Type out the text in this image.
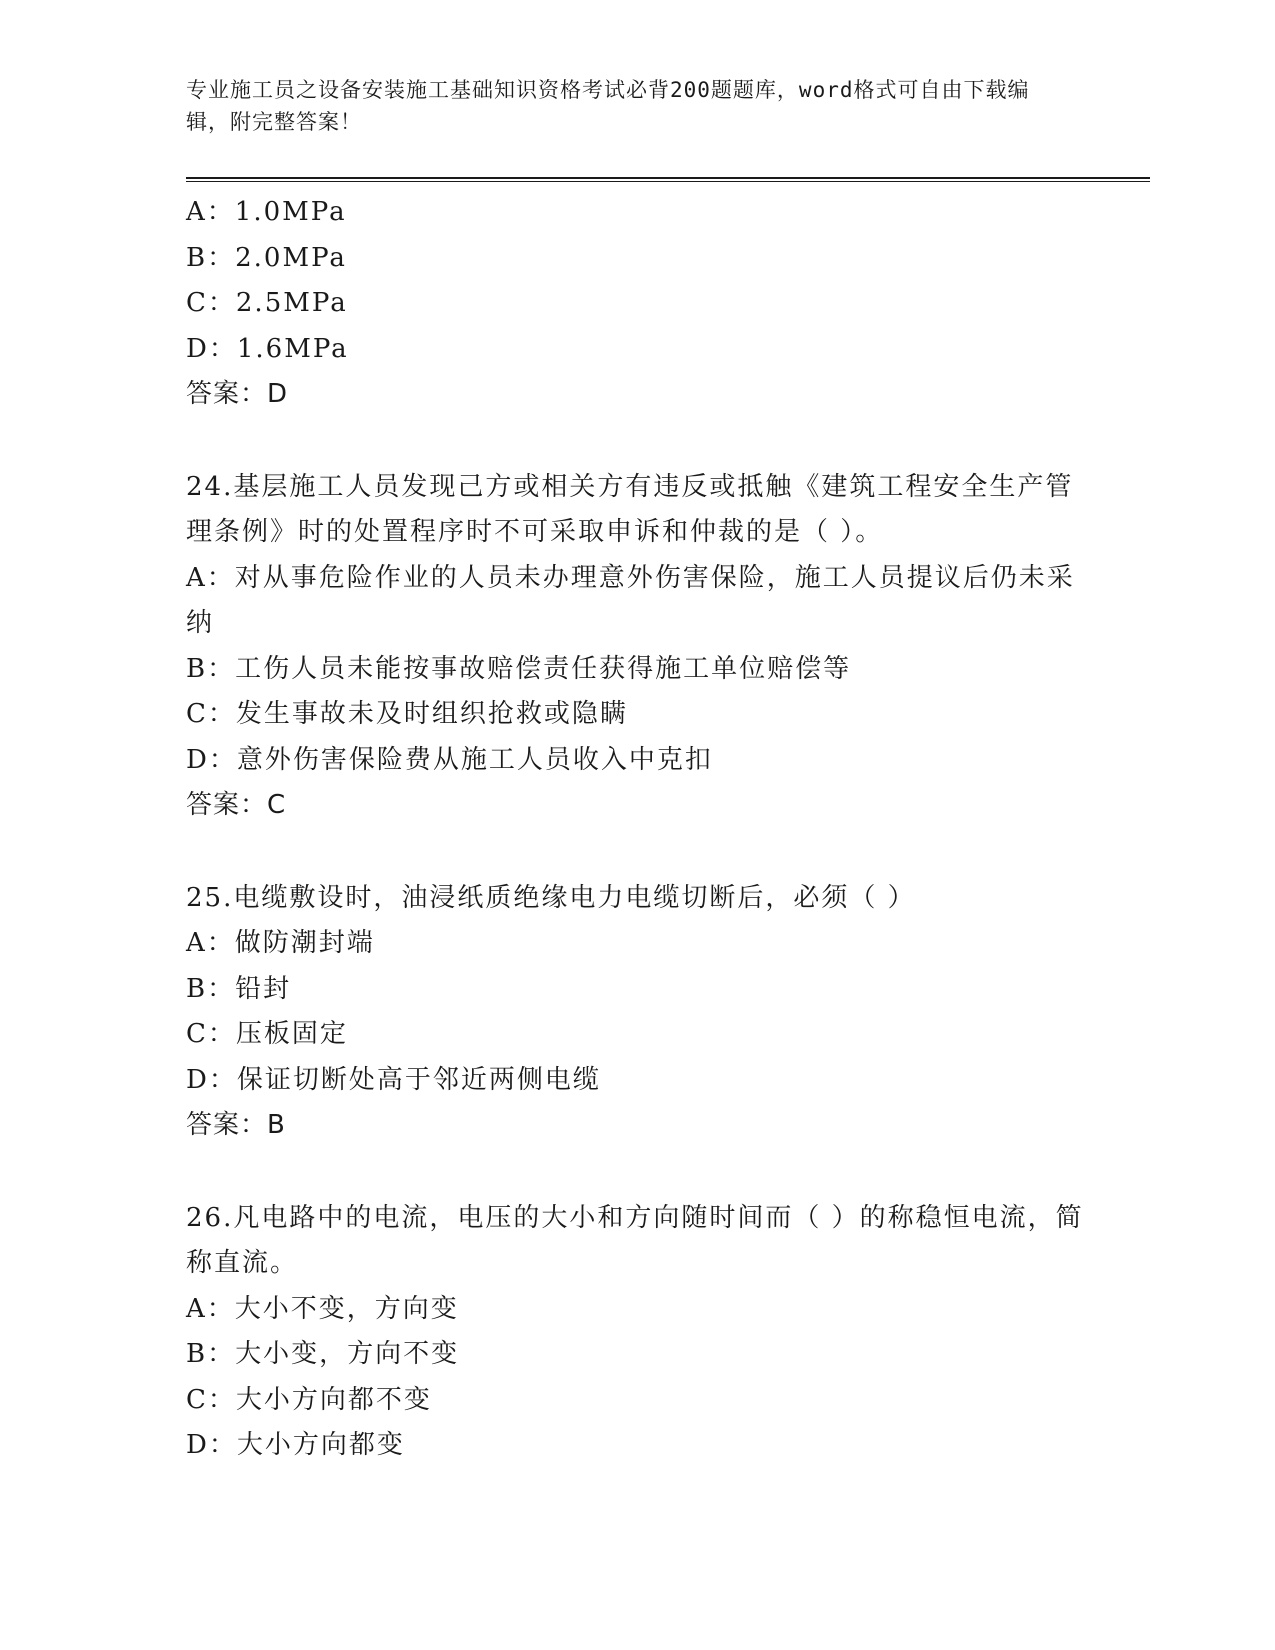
专业施工员之设备安装施工基础知识资格考试必背200题题库，word格式可自由下载编辑，附完整答案！
A：1.0MPa
B：2.0MPa
C：2.5MPa
D：1.6MPa
答案：D
24.基层施工人员发现己方或相关方有违反或抵触《建筑工程安全生产管理条例》时的处置程序时不可采取申诉和仲裁的是（ ）。
A：对从事危险作业的人员未办理意外伤害保险，施工人员提议后仍未采纳
B：工伤人员未能按事故赔偿责任获得施工单位赔偿等
C：发生事故未及时组织抢救或隐瞒
D：意外伤害保险费从施工人员收入中克扣
答案：C
25.电缆敷设时，油浸纸质绝缘电力电缆切断后，必须（ ）
A：做防潮封端
B：铅封
C：压板固定
D：保证切断处高于邻近两侧电缆
答案：B
26.凡电路中的电流，电压的大小和方向随时间而（ ）的称稳恒电流，简称直流。
A：大小不变，方向变
B：大小变，方向不变
C：大小方向都不变
D：大小方向都变
